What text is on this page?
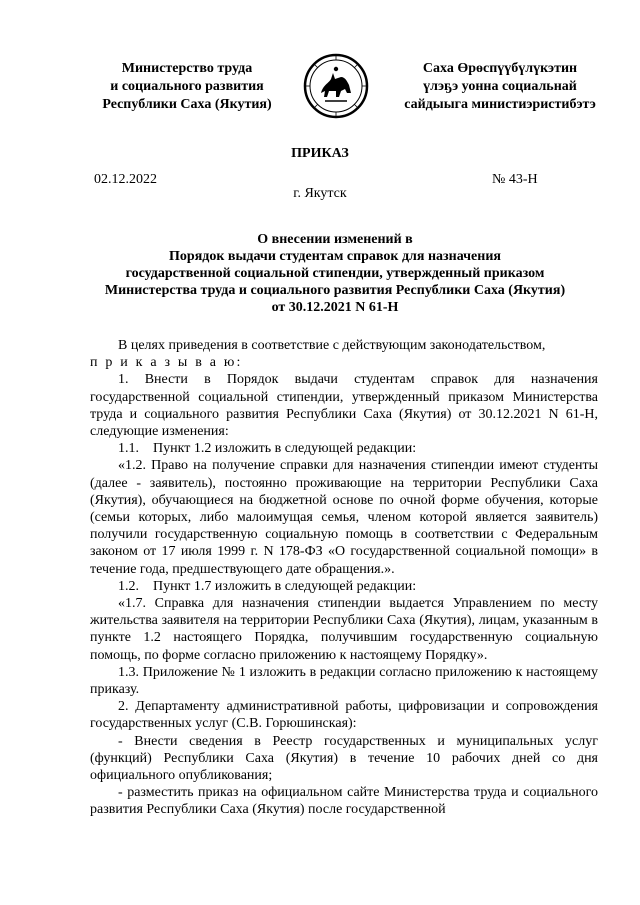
Министерство труда
и социального развития
Республики Саха (Якутия)
Саха Өрөспүүбүлүкэтин
үлэҕэ уонна социальнай
сайдыыга министиэристибэтэ
ПРИКАЗ
02.12.2022	№ 43-Н
г. Якутск
О внесении изменений в
Порядок выдачи студентам справок для назначения
государственной социальной стипендии, утвержденный приказом
Министерства труда и социального развития Республики Саха (Якутия)
от 30.12.2021 N 61-Н

В целях приведения в соответствие с действующим законодательством,

п р и к а з ы в а ю:

1. Внести в Порядок выдачи студентам справок для назначения государственной социальной стипендии, утвержденный приказом Министерства труда и социального развития Республики Саха (Якутия) от 30.12.2021 N 61-Н, следующие изменения:

1.1.    Пункт 1.2 изложить в следующей редакции:

«1.2. Право на получение справки для назначения стипендии имеют студенты (далее - заявитель), постоянно проживающие на территории Республики Саха (Якутия), обучающиеся на бюджетной основе по очной форме обучения, которые (семьи которых, либо малоимущая семья, членом которой является заявитель) получили государственную социальную помощь в соответствии с Федеральным законом от 17 июля 1999 г. N 178-ФЗ «О государственной социальной помощи» в течение года, предшествующего дате обращения.».

1.2.    Пункт 1.7 изложить в следующей редакции:

«1.7. Справка для назначения стипендии выдается Управлением по месту жительства заявителя на территории Республики Саха (Якутия), лицам, указанным в пункте 1.2 настоящего Порядка, получившим государственную социальную помощь, по форме согласно приложению к настоящему Порядку».

1.3. Приложение № 1 изложить в редакции согласно приложению к настоящему приказу.

2. Департаменту административной работы, цифровизации и сопровождения государственных услуг (С.В. Горюшинская):

- Внести сведения в Реестр государственных и муниципальных услуг (функций) Республики Саха (Якутия) в течение 10 рабочих дней со дня официального опубликования;

- разместить приказ на официальном сайте Министерства труда и социального развития Республики Саха (Якутия) после государственной
